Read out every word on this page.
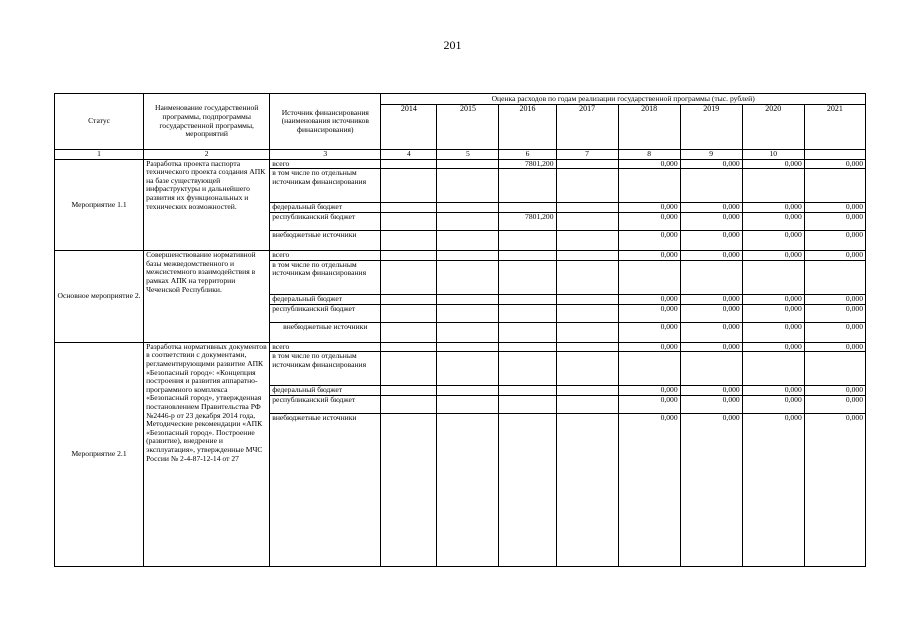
201
Статус	Наименование государственной программы, подпрограммы государственной программы, мероприятий	Источник финансирования (наименования источников финансирования)	Оценка расходов по годам реализации государственной программы (тыс. рублей)							
			2014	2015	2016	2017	2018	2019	2020	2021
1	2	3	4	5	6	7	8	9	10	
Мероприятие 1.1	Разработка проекта паспорта технического проекта создания АПК на базе существующей инфраструктуры и дальнейшего развития их функциональных и технических возможностей.	всего			7801,200		0,000	0,000	0,000	0,000
		в том числе по отдельным источникам финансирования								
		федеральный бюджет					0,000	0,000	0,000	0,000
		республиканский бюджет			7801,200		0,000	0,000	0,000	0,000
		внебюджетные источники					0,000	0,000	0,000	0,000
Основное мероприятие 2.	Совершенствование нормативной базы межведомственного и межсистемного взаимодействия в рамках АПК на территории Чеченской Республики.	всего					0,000	0,000	0,000	0,000
		в том числе по отдельным источникам финансирования								
		федеральный бюджет					0,000	0,000	0,000	0,000
		республиканский бюджет					0,000	0,000	0,000	0,000
		внебюджетные источники					0,000	0,000	0,000	0,000
Мероприятие 2.1	Разработка нормативных документов в соответствии с документами, регламентирующими развитие АПК «Безопасный город»: «Концепция построения и развития аппаратно-программного комплекса «Безопасный город», утвержденная постановлением Правительства РФ №2446-р от 23 декабря 2014 года, Методические рекомендации «АПК «Безопасный город». Построение (развитие), внедрение и эксплуатация», утвержденные МЧС России № 2-4-87-12-14 от 27	всего					0,000	0,000	0,000	0,000
		в том числе по отдельным источникам финансирования								
		федеральный бюджет					0,000	0,000	0,000	0,000
		республиканский бюджет					0,000	0,000	0,000	0,000
		внебюджетные источники					0,000	0,000	0,000	0,000
